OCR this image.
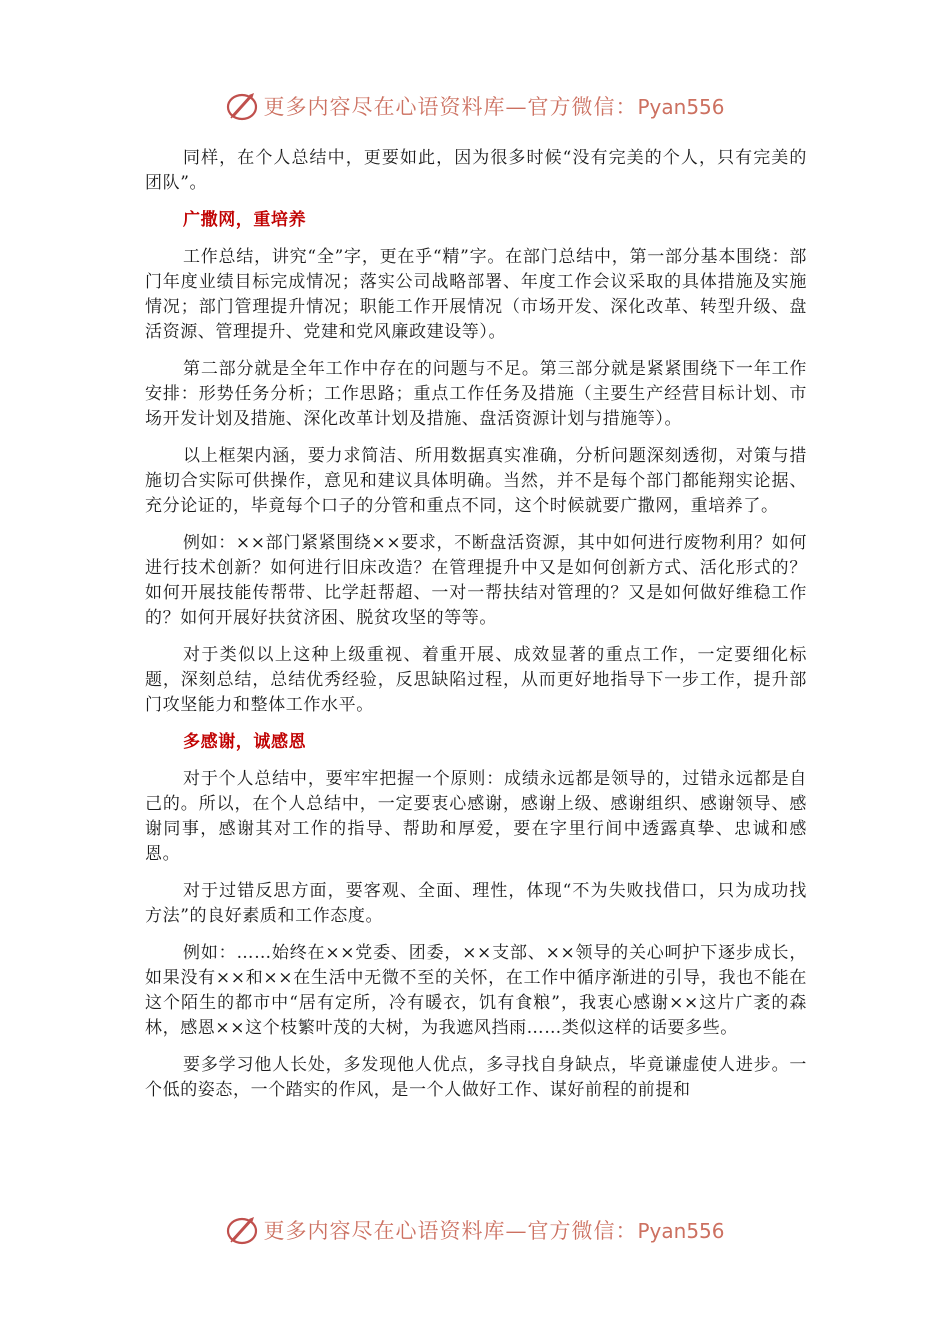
更多内容尽在心语资料库—官方微信：Pyan556

同样，在个人总结中，更要如此，因为很多时候“没有完美的个人，只有完美的团队”。

广撒网，重培养

工作总结，讲究“全”字，更在乎“精”字。在部门总结中，第一部分基本围绕：部门年度业绩目标完成情况；落实公司战略部署、年度工作会议采取的具体措施及实施情况；部门管理提升情况；职能工作开展情况（市场开发、深化改革、转型升级、盘活资源、管理提升、党建和党风廉政建设等）。

第二部分就是全年工作中存在的问题与不足。第三部分就是紧紧围绕下一年工作安排：形势任务分析；工作思路；重点工作任务及措施（主要生产经营目标计划、市场开发计划及措施、深化改革计划及措施、盘活资源计划与措施等）。

以上框架内涵，要力求简洁、所用数据真实准确，分析问题深刻透彻，对策与措施切合实际可供操作，意见和建议具体明确。当然，并不是每个部门都能翔实论据、充分论证的，毕竟每个口子的分管和重点不同，这个时候就要广撒网，重培养了。

例如：××部门紧紧围绕××要求，不断盘活资源，其中如何进行废物利用？如何进行技术创新？如何进行旧床改造？在管理提升中又是如何创新方式、活化形式的？如何开展技能传帮带、比学赶帮超、一对一帮扶结对管理的？又是如何做好维稳工作的？如何开展好扶贫济困、脱贫攻坚的等等。

对于类似以上这种上级重视、着重开展、成效显著的重点工作，一定要细化标题，深刻总结，总结优秀经验，反思缺陷过程，从而更好地指导下一步工作，提升部门攻坚能力和整体工作水平。

多感谢，诚感恩

对于个人总结中，要牢牢把握一个原则：成绩永远都是领导的，过错永远都是自己的。所以，在个人总结中，一定要衷心感谢，感谢上级、感谢组织、感谢领导、感谢同事，感谢其对工作的指导、帮助和厚爱，要在字里行间中透露真挚、忠诚和感恩。

对于过错反思方面，要客观、全面、理性，体现“不为失败找借口，只为成功找方法”的良好素质和工作态度。

例如：……始终在××党委、团委，××支部、××领导的关心呵护下逐步成长，如果没有××和××在生活中无微不至的关怀，在工作中循序渐进的引导，我也不能在这个陌生的都市中“居有定所，冷有暖衣，饥有食粮”，我衷心感谢××这片广袤的森林，感恩××这个枝繁叶茂的大树，为我遮风挡雨……类似这样的话要多些。

要多学习他人长处，多发现他人优点，多寻找自身缺点，毕竟谦虚使人进步。一个低的姿态，一个踏实的作风，是一个人做好工作、谋好前程的前提和

更多内容尽在心语资料库—官方微信：Pyan556
